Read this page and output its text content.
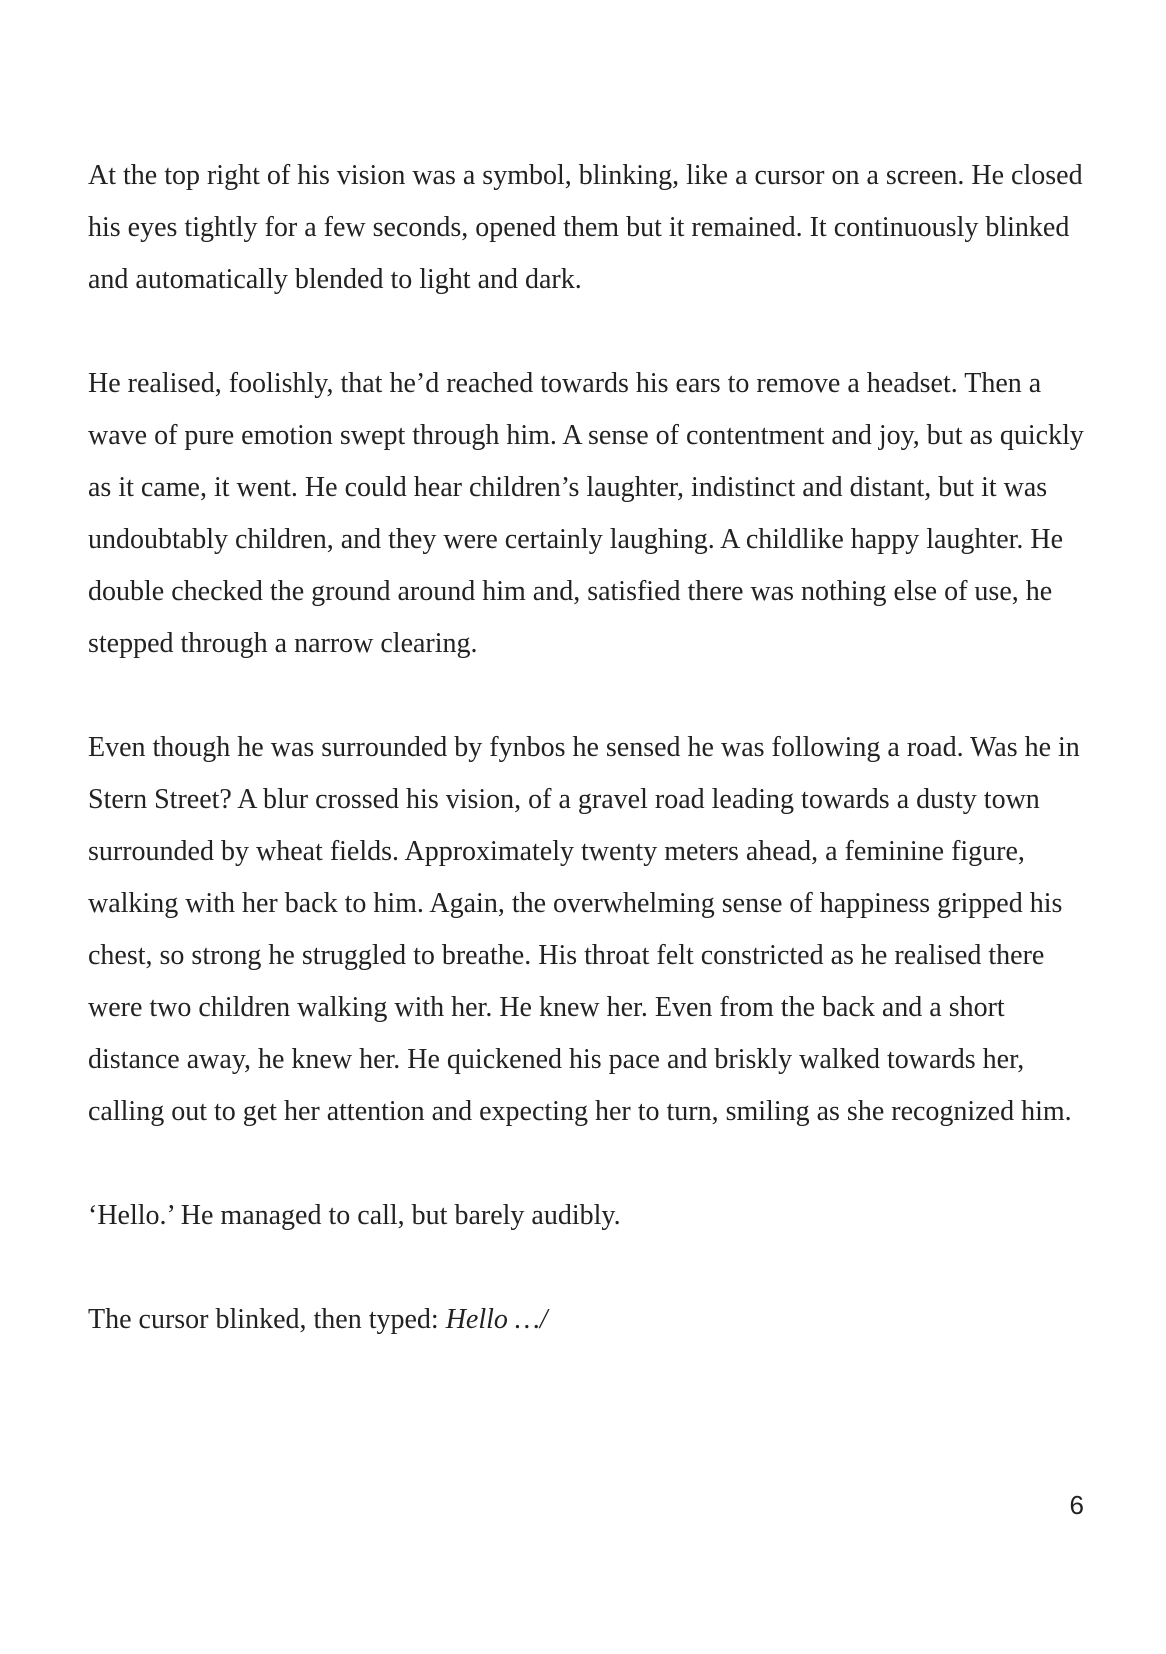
At the top right of his vision was a symbol, blinking, like a cursor on a screen. He closed his eyes tightly for a few seconds, opened them but it remained. It continuously blinked and automatically blended to light and dark.

He realised, foolishly, that he’d reached towards his ears to remove a headset. Then a wave of pure emotion swept through him. A sense of contentment and joy, but as quickly as it came, it went. He could hear children’s laughter, indistinct and distant, but it was undoubtably children, and they were certainly laughing. A childlike happy laughter. He double checked the ground around him and, satisfied there was nothing else of use, he stepped through a narrow clearing.

Even though he was surrounded by fynbos he sensed he was following a road. Was he in Stern Street? A blur crossed his vision, of a gravel road leading towards a dusty town surrounded by wheat fields. Approximately twenty meters ahead, a feminine figure, walking with her back to him. Again, the overwhelming sense of happiness gripped his chest, so strong he struggled to breathe. His throat felt constricted as he realised there were two children walking with her. He knew her. Even from the back and a short distance away, he knew her. He quickened his pace and briskly walked towards her, calling out to get her attention and expecting her to turn, smiling as she recognized him.

‘Hello.’ He managed to call, but barely audibly.

The cursor blinked, then typed: Hello …/

6
